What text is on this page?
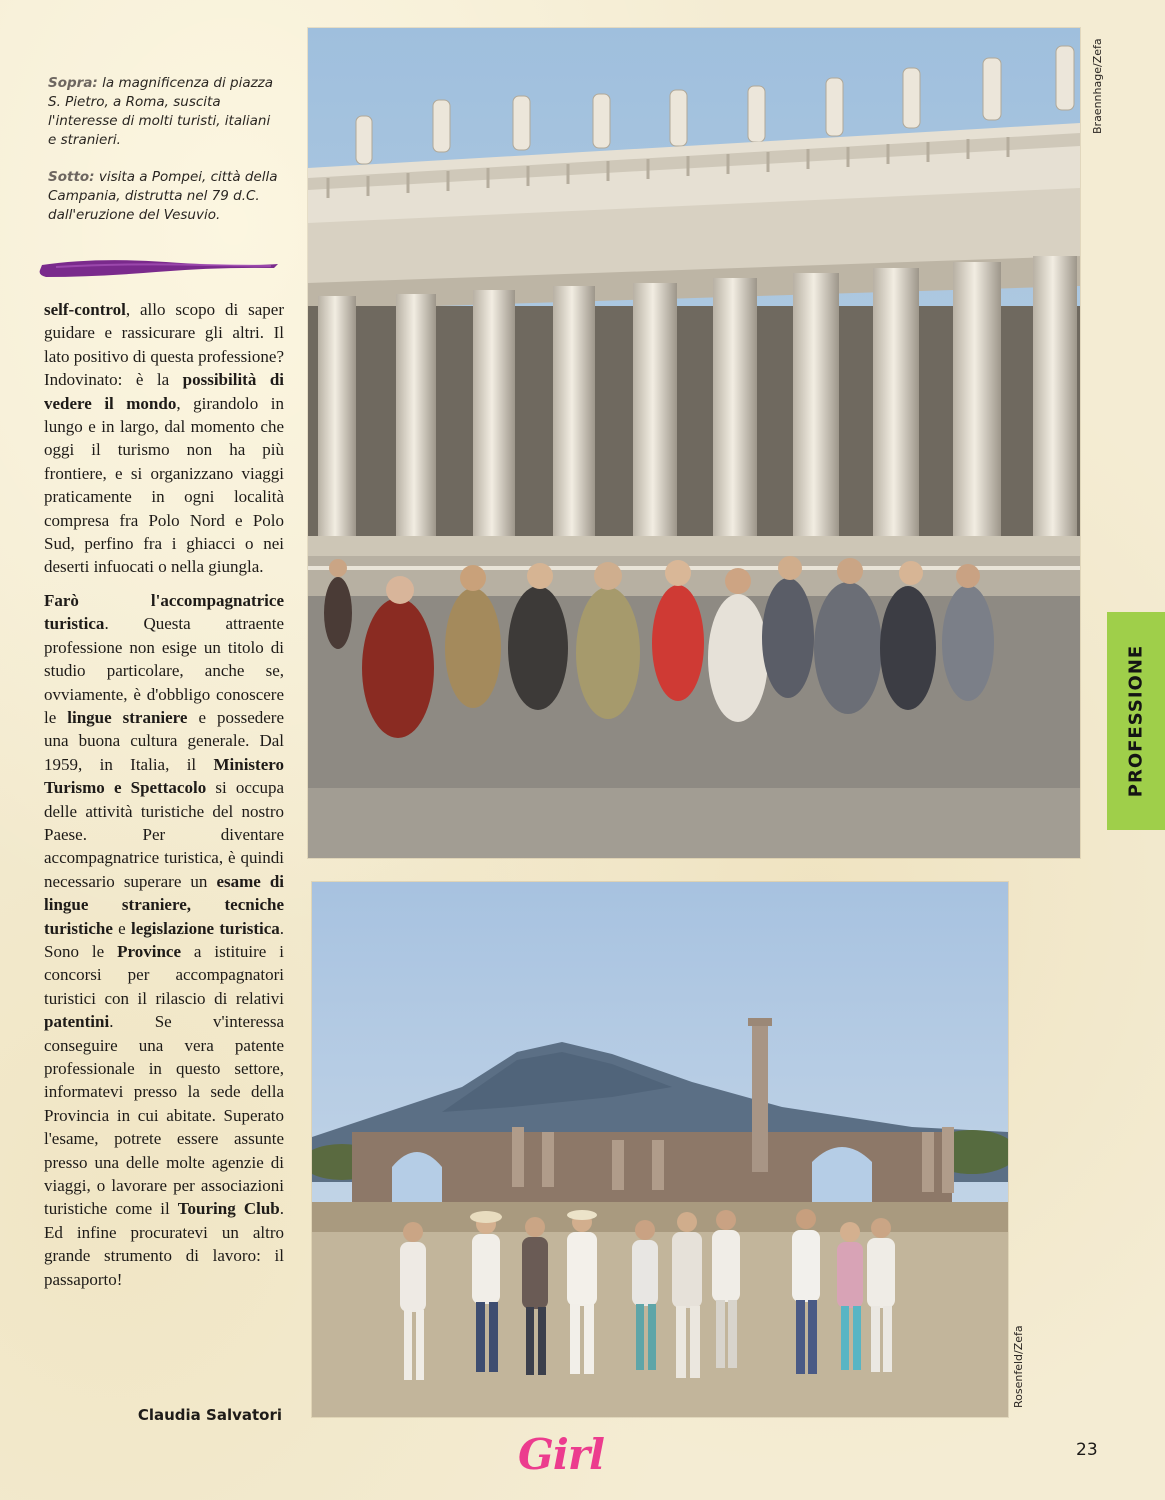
Sopra: la magnificenza di piazza S. Pietro, a Roma, suscita l'interesse di molti turisti, italiani e stranieri.

Sotto: visita a Pompei, città della Campania, distrutta nel 79 d.C. dall'eruzione del Vesuvio.

self-control, allo scopo di saper guidare e rassicurare gli altri. Il lato positivo di questa professione? Indovinato: è la possibilità di vedere il mondo, girandolo in lungo e in largo, dal momento che oggi il turismo non ha più frontiere, e si organizzano viaggi praticamente in ogni località compresa fra Polo Nord e Polo Sud, perfino fra i ghiacci o nei deserti infuocati o nella giungla.

Farò l'accompagnatrice turistica. Questa attraente professione non esige un titolo di studio particolare, anche se, ovviamente, è d'obbligo conoscere le lingue straniere e possedere una buona cultura generale. Dal 1959, in Italia, il Ministero Turismo e Spettacolo si occupa delle attività turistiche del nostro Paese. Per diventare accompagnatrice turistica, è quindi necessario superare un esame di lingue straniere, tecniche turistiche e legislazione turistica. Sono le Province a istituire i concorsi per accompagnatori turistici con il rilascio di relativi patentini. Se v'interessa conseguire una vera patente professionale in questo settore, informatevi presso la sede della Provincia in cui abitate. Superato l'esame, potrete essere assunte presso una delle molte agenzie di viaggi, o lavorare per associazioni turistiche come il Touring Club. Ed infine procuratevi un altro grande strumento di lavoro: il passaporto!

Claudia Salvatori
Braennhage/Zefa
Rosenfeld/Zefa
PROFESSIONE
Girl	23
